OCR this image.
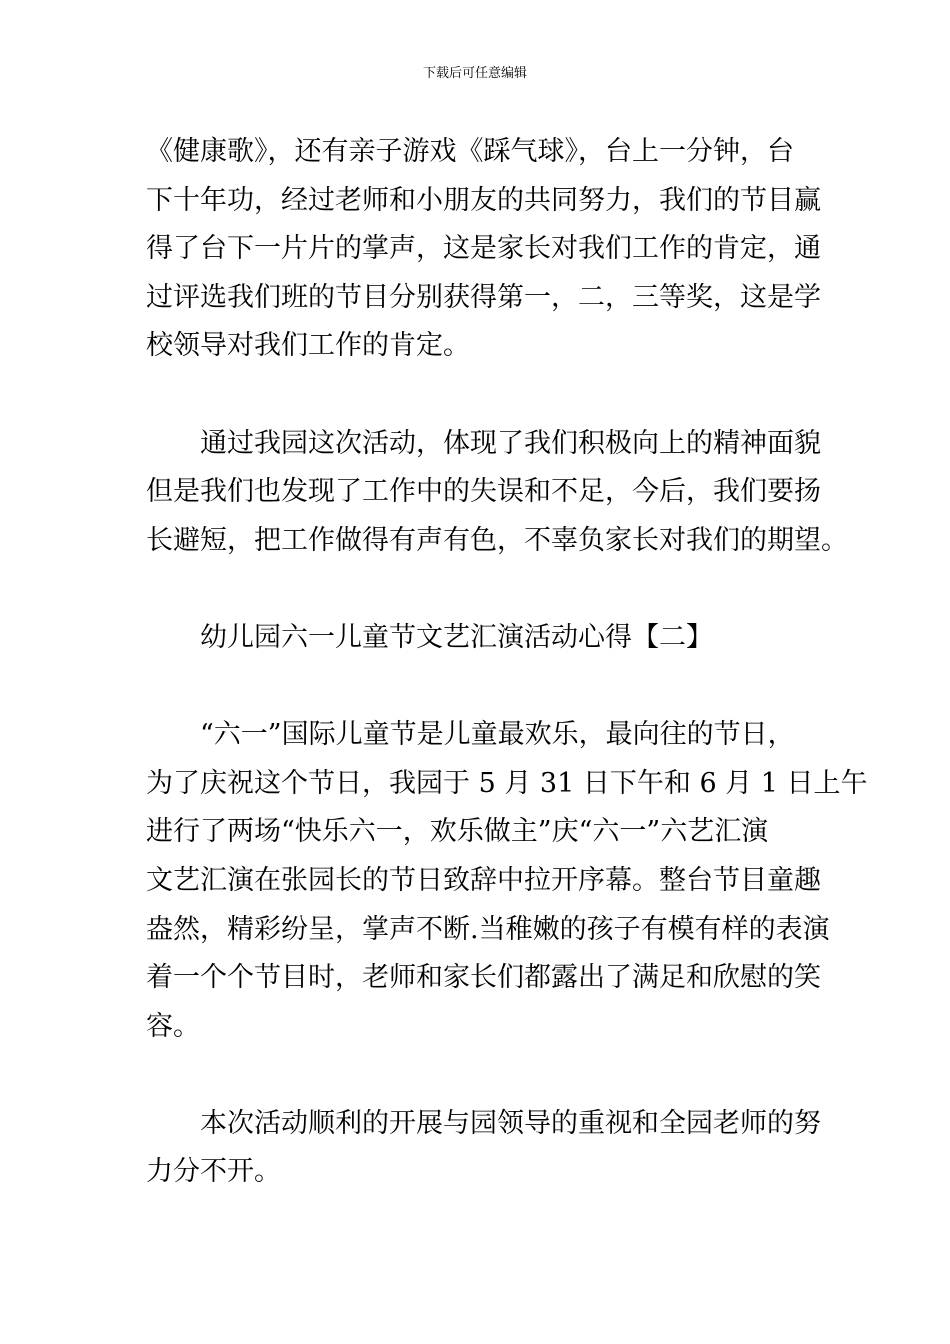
下载后可任意编辑
《健康歌》，还有亲子游戏《踩气球》，台上一分钟，台
下十年功，经过老师和小朋友的共同努力，我们的节目赢
得了台下一片片的掌声，这是家长对我们工作的肯定，通
过评选我们班的节目分别获得第一，二，三等奖，这是学
校领导对我们工作的肯定。
通过我园这次活动，体现了我们积极向上的精神面貌
但是我们也发现了工作中的失误和不足，今后，我们要扬
长避短，把工作做得有声有色，不辜负家长对我们的期望。
幼儿园六一儿童节文艺汇演活动心得【二】
“六一”国际儿童节是儿童最欢乐，最向往的节日，
为了庆祝这个节日，我园于 5 月 31 日下午和 6 月 1 日上午
进行了两场“快乐六一，欢乐做主”庆“六一”六艺汇演
文艺汇演在张园长的节日致辞中拉开序幕。整台节目童趣
盎然，精彩纷呈，掌声不断.当稚嫩的孩子有模有样的表演
着一个个节目时，老师和家长们都露出了满足和欣慰的笑
容。
本次活动顺利的开展与园领导的重视和全园老师的努
力分不开。
